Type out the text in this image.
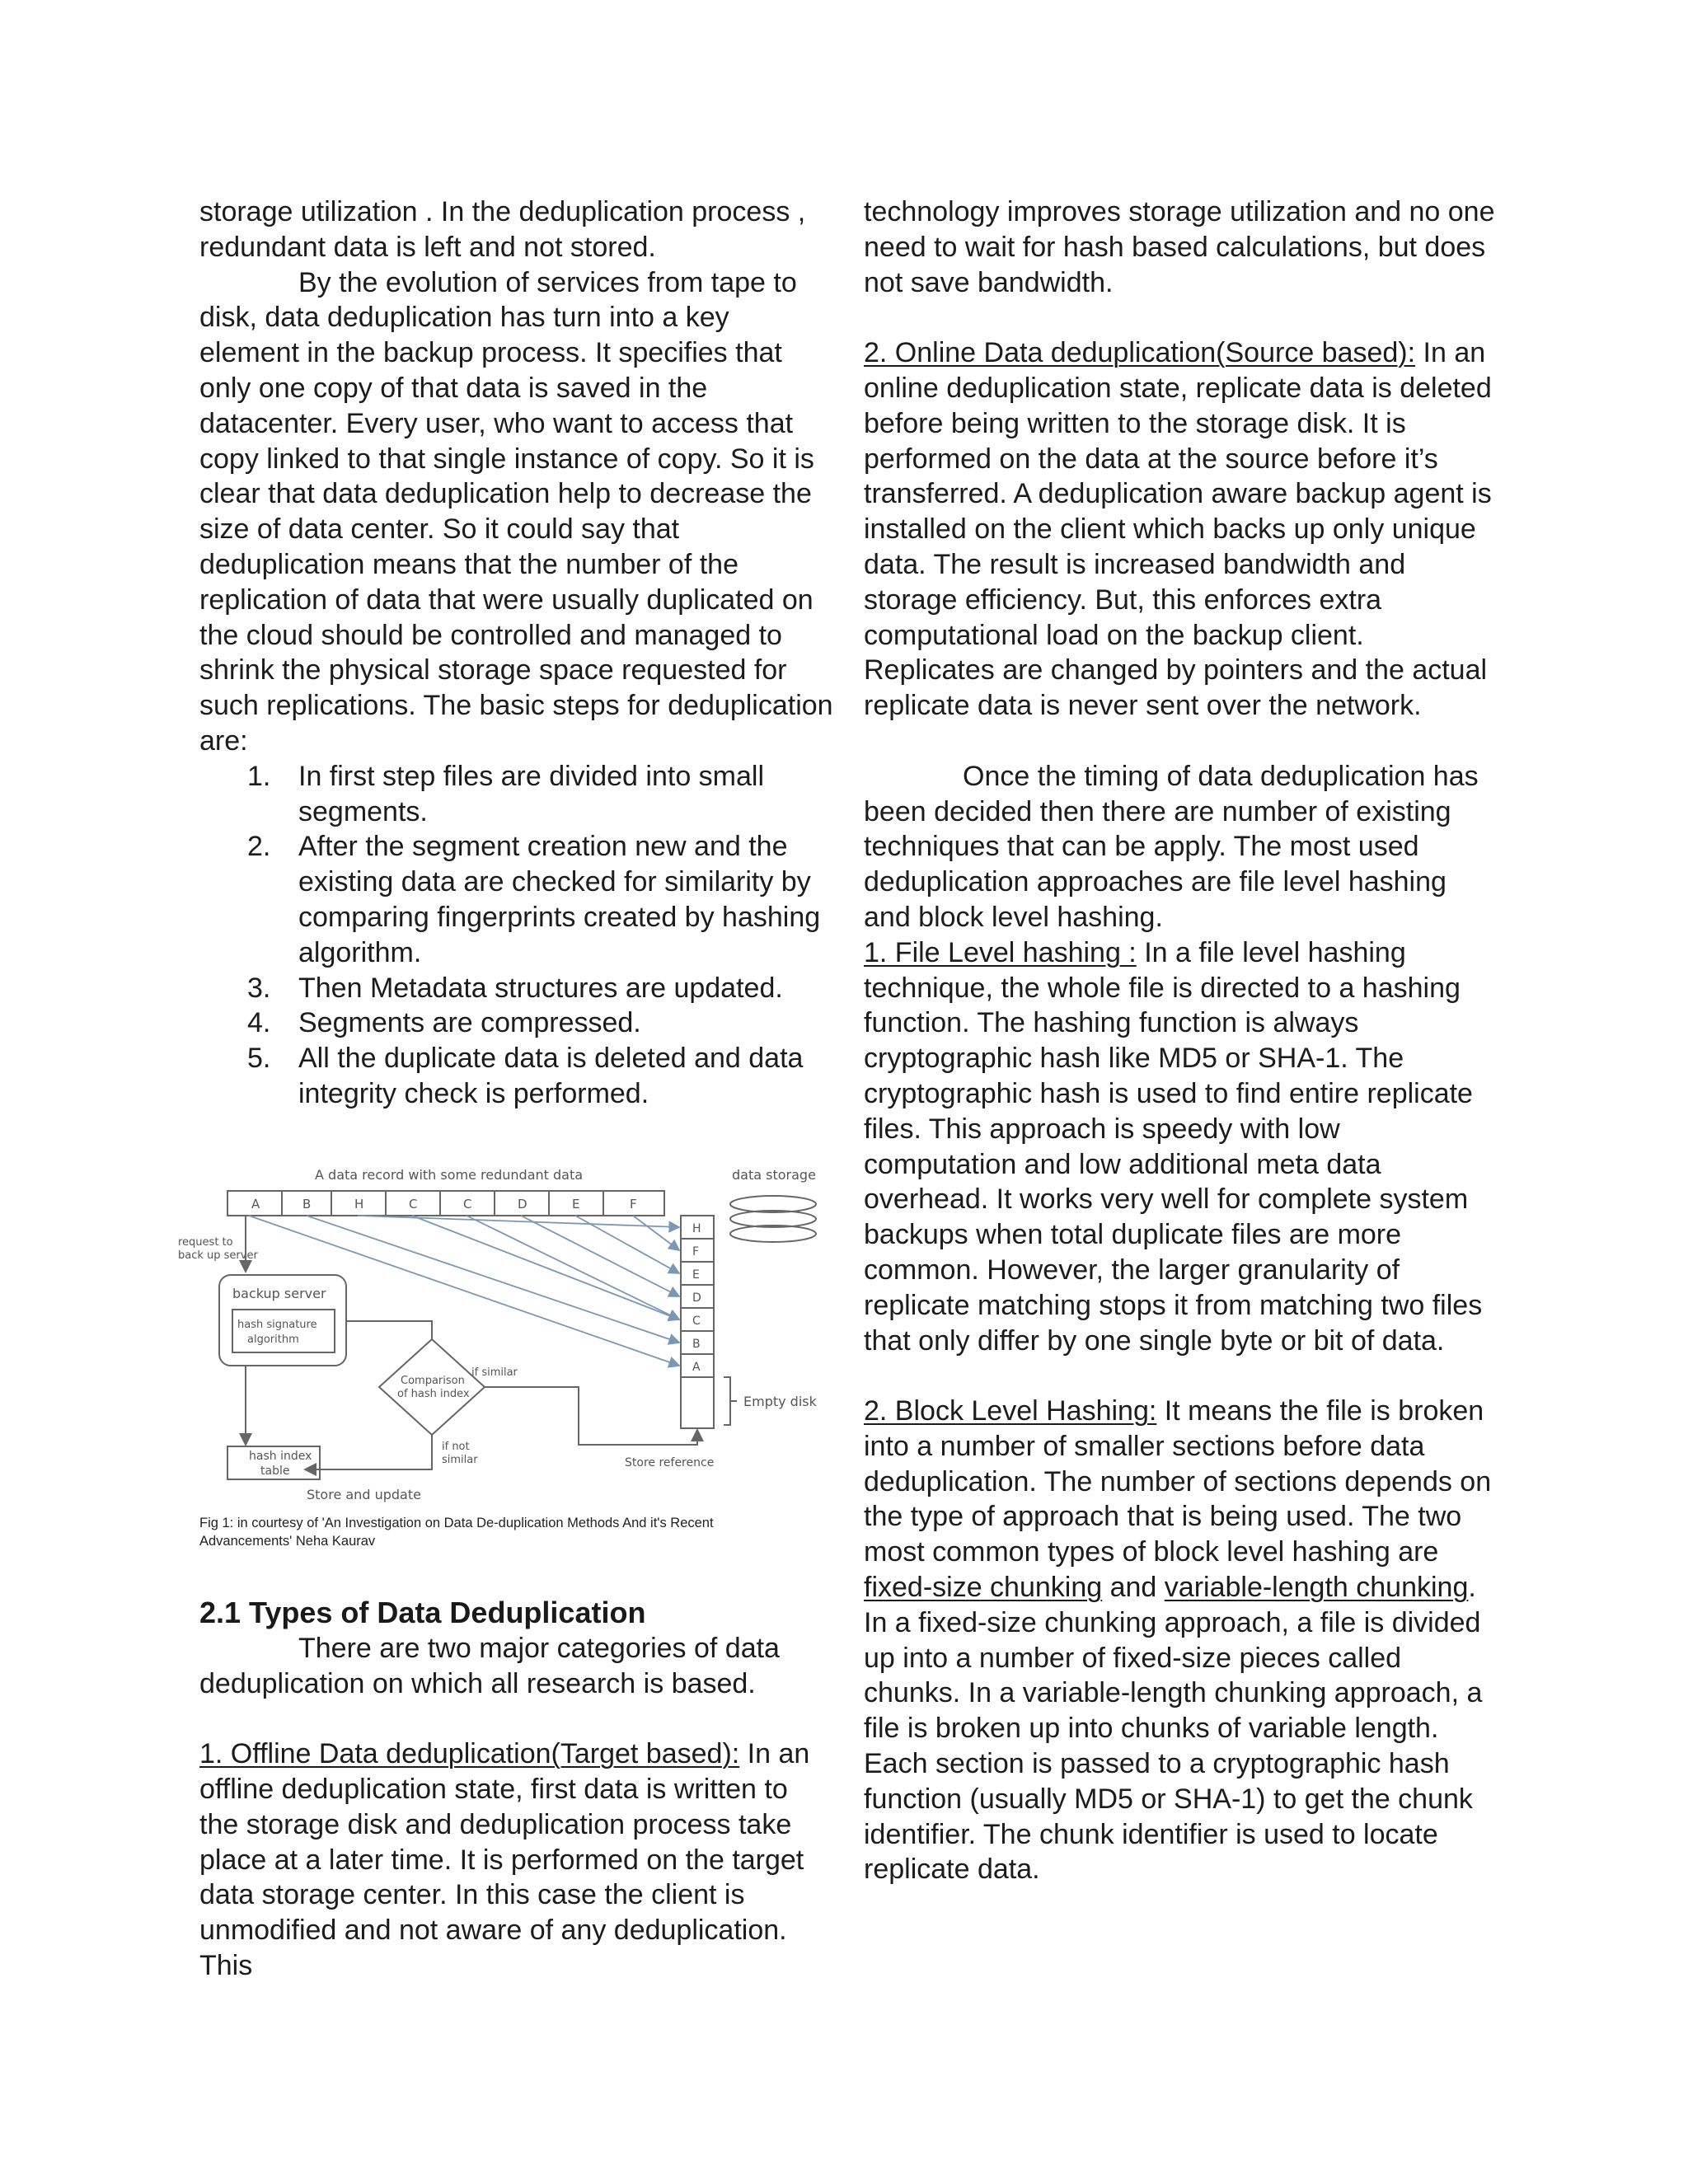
storage utilization . In the deduplication process , redundant data is left and not stored.

By the evolution of services from tape to disk, data deduplication has turn into a key element in the backup process. It specifies that only one copy of that data is saved in the datacenter. Every user, who want to access that copy linked to that single instance of copy. So it is clear that data deduplication help to decrease the size of data center. So it could say that deduplication means that the number of the replication of data that were usually duplicated on the cloud should be controlled and managed to shrink the physical storage space requested for such replications. The basic steps for deduplication are:

1. In first step files are divided into small segments.
2. After the segment creation new and the existing data are checked for similarity by comparing fingerprints created by hashing algorithm.
3. Then Metadata structures are updated.
4. Segments are compressed.
5. All the duplicate data is deleted and data integrity check is performed.
A data record with some redundant data	data storage
A	B	H	C	C	D	E	F
H
F
E
D
C
B
A
Empty disk
request to
back up server
backup server
hash signature
algorithm
Comparison
of hash index
if similar
Store reference
if not
similar
hash index
table
Store and update
Fig 1: in courtesy of 'An Investigation on Data De-duplication Methods And it's Recent Advancements' Neha Kaurav
2.1 Types of Data Deduplication

There are two major categories of data deduplication on which all research is based.

1. Offline Data deduplication(Target based): In an offline deduplication state, first data is written to the storage disk and deduplication process take place at a later time. It is performed on the target data storage center. In this case the client is unmodified and not aware of any deduplication. This

technology improves storage utilization and no one need to wait for hash based calculations, but does not save bandwidth.

2. Online Data deduplication(Source based): In an online deduplication state, replicate data is deleted before being written to the storage disk. It is performed on the data at the source before it’s transferred. A deduplication aware backup agent is installed on the client which backs up only unique data. The result is increased bandwidth and storage efficiency. But, this enforces extra computational load on the backup client. Replicates are changed by pointers and the actual replicate data is never sent over the network.

Once the timing of data deduplication has been decided then there are number of existing techniques that can be apply. The most used deduplication approaches are file level hashing and block level hashing.

1. File Level hashing : In a file level hashing technique, the whole file is directed to a hashing function. The hashing function is always cryptographic hash like MD5 or SHA-1. The cryptographic hash is used to find entire replicate files. This approach is speedy with low computation and low additional meta data overhead. It works very well for complete system backups when total duplicate files are more common. However, the larger granularity of replicate matching stops it from matching two files that only differ by one single byte or bit of data.

2. Block Level Hashing: It means the file is broken into a number of smaller sections before data deduplication. The number of sections depends on the type of approach that is being used. The two most common types of block level hashing are fixed-size chunking and variable-length chunking. In a fixed-size chunking approach, a file is divided up into a number of fixed-size pieces called chunks. In a variable-length chunking approach, a file is broken up into chunks of variable length. Each section is passed to a cryptographic hash function (usually MD5 or SHA-1) to get the chunk identifier. The chunk identifier is used to locate replicate data.
